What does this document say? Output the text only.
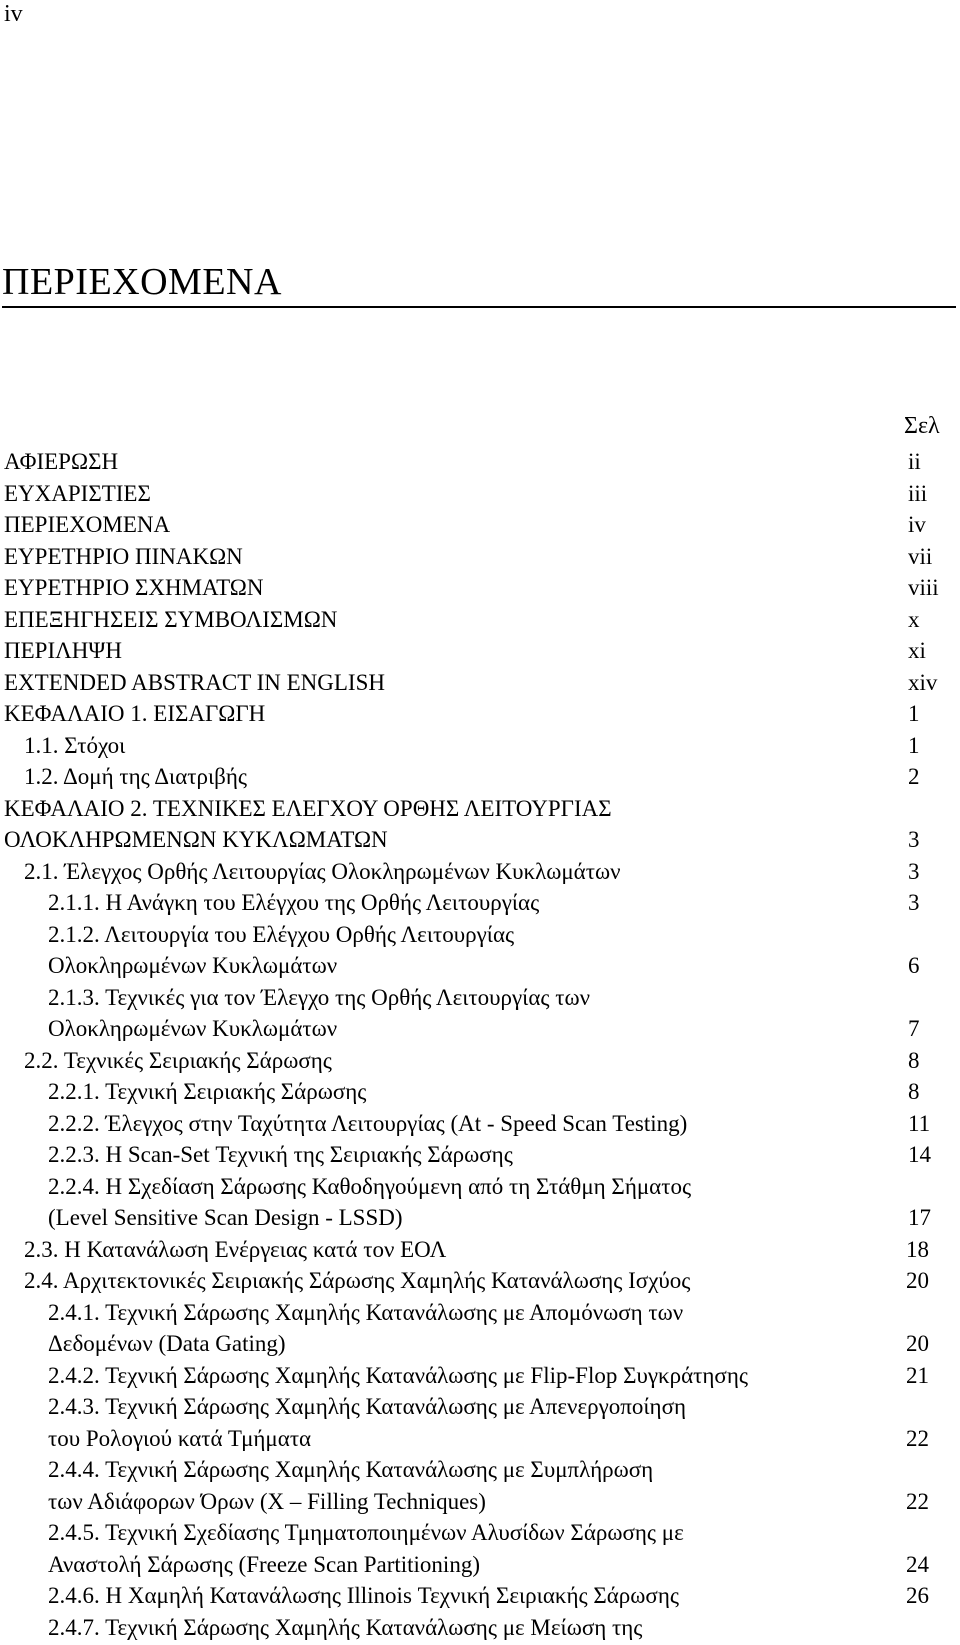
iv
ΠΕΡΙΕΧΟΜΕΝΑ
Σελ
ΑΦΙΕΡΩΣΗ	ii
ΕΥΧΑΡΙΣΤΙΕΣ	iii
ΠΕΡΙΕΧΟΜΕΝΑ	iv
ΕΥΡΕΤΗΡΙΟ ΠΙΝΑΚΩΝ	vii
ΕΥΡΕΤΗΡΙΟ ΣΧΗΜΑΤΩΝ	viii
ΕΠΕΞΗΓΗΣΕΙΣ ΣΥΜΒΟΛΙΣΜΩΝ	x
ΠΕΡΙΛΗΨΗ	xi
EXTENDED ABSTRACT IN ENGLISH	xiv
ΚΕΦΑΛΑΙΟ 1. ΕΙΣΑΓΩΓΗ	1
1.1. Στόχοι	1
1.2. Δομή της Διατριβής	2
ΚΕΦΑΛΑΙΟ 2. ΤΕΧΝΙΚΕΣ ΕΛΕΓΧΟΥ ΟΡΘΗΣ ΛΕΙΤΟΥΡΓΙΑΣ
ΟΛΟΚΛΗΡΩΜΕΝΩΝ ΚΥΚΛΩΜΑΤΩΝ	3
2.1. Έλεγχος Ορθής Λειτουργίας Ολοκληρωμένων Κυκλωμάτων	3
2.1.1. Η Ανάγκη του Ελέγχου της Ορθής Λειτουργίας	3
2.1.2. Λειτουργία του Ελέγχου Ορθής Λειτουργίας
Ολοκληρωμένων Κυκλωμάτων	6
2.1.3. Τεχνικές για τον Έλεγχο της Ορθής Λειτουργίας των
Ολοκληρωμένων Κυκλωμάτων	7
2.2. Τεχνικές Σειριακής Σάρωσης	8
2.2.1. Τεχνική Σειριακής Σάρωσης	8
2.2.2. Έλεγχος στην Ταχύτητα Λειτουργίας (At - Speed Scan Testing)	11
2.2.3. Η Scan-Set Τεχνική της Σειριακής Σάρωσης	14
2.2.4. Η Σχεδίαση Σάρωσης Καθοδηγούμενη από τη Στάθμη Σήματος
(Level Sensitive Scan Design - LSSD)	17
2.3. Η Κατανάλωση Ενέργειας κατά τον ΕΟΛ	18
2.4. Αρχιτεκτονικές Σειριακής Σάρωσης Χαμηλής Κατανάλωσης Ισχύος	20
2.4.1. Τεχνική Σάρωσης Χαμηλής Κατανάλωσης με Απομόνωση των
Δεδομένων (Data Gating)	20
2.4.2. Τεχνική Σάρωσης Χαμηλής Κατανάλωσης με Flip-Flop Συγκράτησης	21
2.4.3. Τεχνική Σάρωσης Χαμηλής Κατανάλωσης με Απενεργοποίηση
του Ρολογιού κατά Τμήματα	22
2.4.4. Τεχνική Σάρωσης Χαμηλής Κατανάλωσης με Συμπλήρωση
των Αδιάφορων Όρων (X – Filling Techniques)	22
2.4.5. Τεχνική Σχεδίασης Τμηματοποιημένων Αλυσίδων Σάρωσης με
Αναστολή Σάρωσης (Freeze Scan Partitioning)	24
2.4.6. Η Χαμηλή Κατανάλωσης Illinois Τεχνική Σειριακής Σάρωσης	26
2.4.7. Τεχνική Σάρωσης Χαμηλής Κατανάλωσης με Μείωση της
